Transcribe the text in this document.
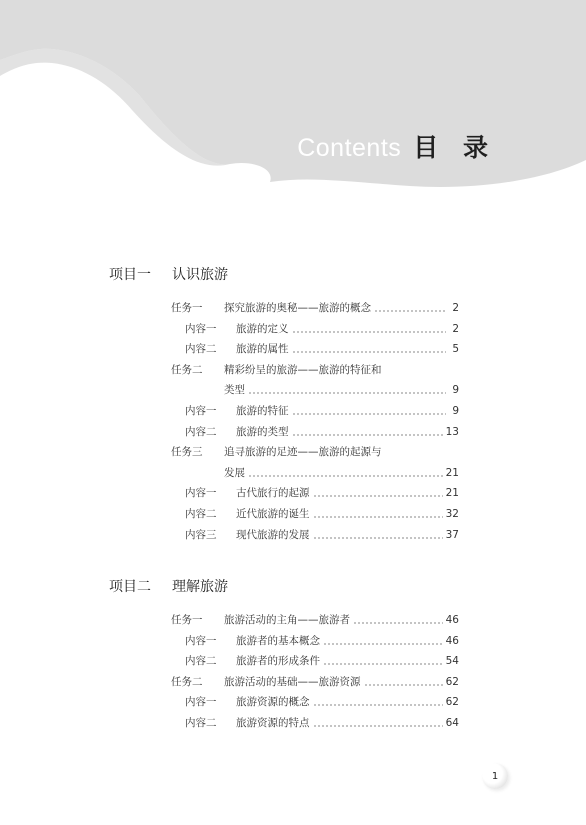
Contents 目 录
项目一 认识旅游
项目二 理解旅游
任务一	探究旅游的奥秘——旅游的概念	2
内容一	旅游的定义	2
内容二	旅游的属性	5
任务二	精彩纷呈的旅游——旅游的特征和
类型	9
内容一	旅游的特征	9
内容二	旅游的类型	13
任务三	追寻旅游的足迹——旅游的起源与
发展	21
内容一	古代旅行的起源	21
内容二	近代旅游的诞生	32
内容三	现代旅游的发展	37
任务一	旅游活动的主角——旅游者	46
内容一	旅游者的基本概念	46
内容二	旅游者的形成条件	54
任务二	旅游活动的基础——旅游资源	62
内容一	旅游资源的概念	62
内容二	旅游资源的特点	64
1
